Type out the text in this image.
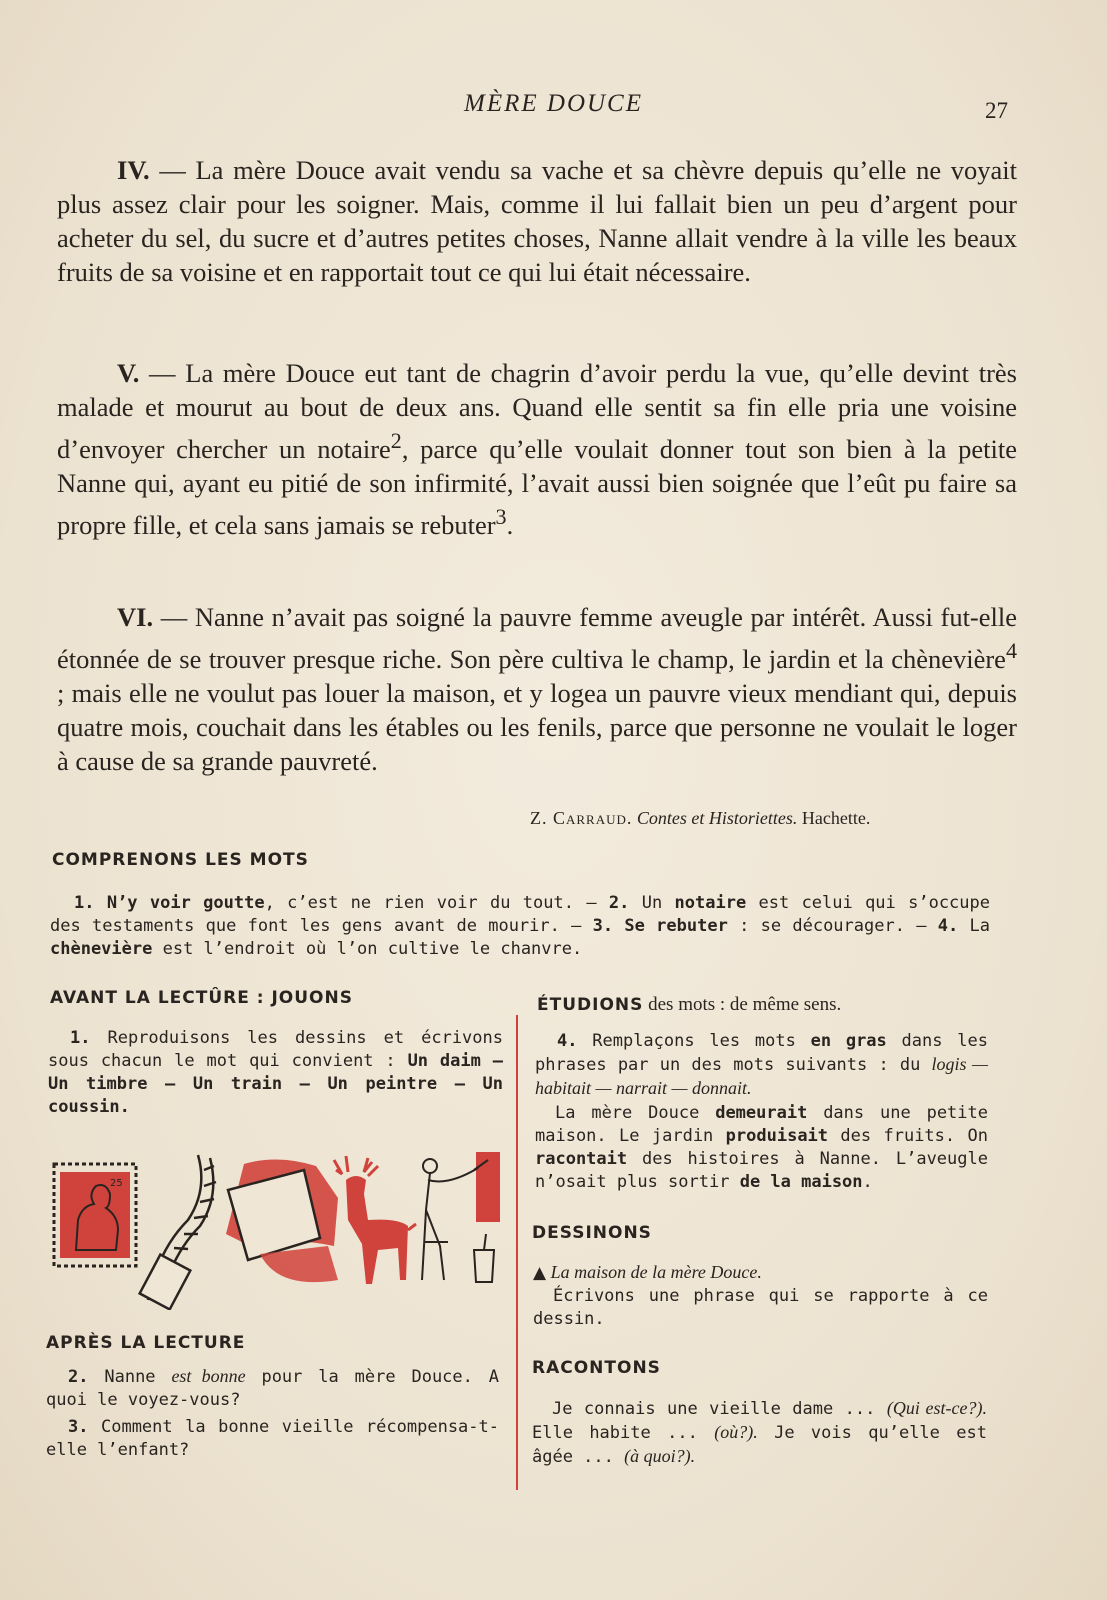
MÈRE DOUCE	27

IV. — La mère Douce avait vendu sa vache et sa chèvre depuis qu’elle ne voyait plus assez clair pour les soigner. Mais, comme il lui fallait bien un peu d’argent pour acheter du sel, du sucre et d’autres petites choses, Nanne allait vendre à la ville les beaux fruits de sa voisine et en rapportait tout ce qui lui était nécessaire.

V. — La mère Douce eut tant de chagrin d’avoir perdu la vue, qu’elle devint très malade et mourut au bout de deux ans. Quand elle sentit sa fin elle pria une voisine d’envoyer chercher un notaire$^2$, parce qu’elle voulait donner tout son bien à la petite Nanne qui, ayant eu pitié de son infirmité, l’avait aussi bien soignée que l’eût pu faire sa propre fille, et cela sans jamais se rebuter$^3$.

VI. — Nanne n’avait pas soigné la pauvre femme aveugle par intérêt. Aussi fut-elle étonnée de se trouver presque riche. Son père cultiva le champ, le jardin et la chènevière$^4$ ; mais elle ne voulut pas louer la maison, et y logea un pauvre vieux mendiant qui, depuis quatre mois, couchait dans les étables ou les fenils, parce que personne ne voulait le loger à cause de sa grande pauvreté.

Z. Carraud. Contes et Historiettes. Hachette.
COMPRENONS LES MOTS
1. N’y voir goutte, c’est ne rien voir du tout. — 2. Un notaire est celui qui s’occupe des testaments que font les gens avant de mourir. — 3. Se rebuter : se décourager. — 4. La chènevière est l’endroit où l’on cultive le chanvre.
AVANT LA LECTÛRE : JOUONS
1. Reproduisons les dessins et écrivons sous chacun le mot qui convient : Un daim — Un timbre — Un train — Un peintre — Un coussin.
25
APRÈS LA LECTURE
2. Nanne est bonne pour la mère Douce. A quoi le voyez-vous?
3. Comment la bonne vieille récompensa-t-elle l’enfant?
ÉTUDIONS des mots : de même sens.
4. Remplaçons les mots en gras dans les phrases par un des mots suivants : du logis — habitait — narrait — donnait.
La mère Douce demeurait dans une petite maison. Le jardin produisait des fruits. On racontait des histoires à Nanne. L’aveugle n’osait plus sortir de la maison.
DESSINONS
▲ La maison de la mère Douce.
Écrivons une phrase qui se rapporte à ce dessin.
RACONTONS
Je connais une vieille dame ... (Qui est-ce?). Elle habite ... (où?). Je vois qu’elle est âgée ... (à quoi?).
